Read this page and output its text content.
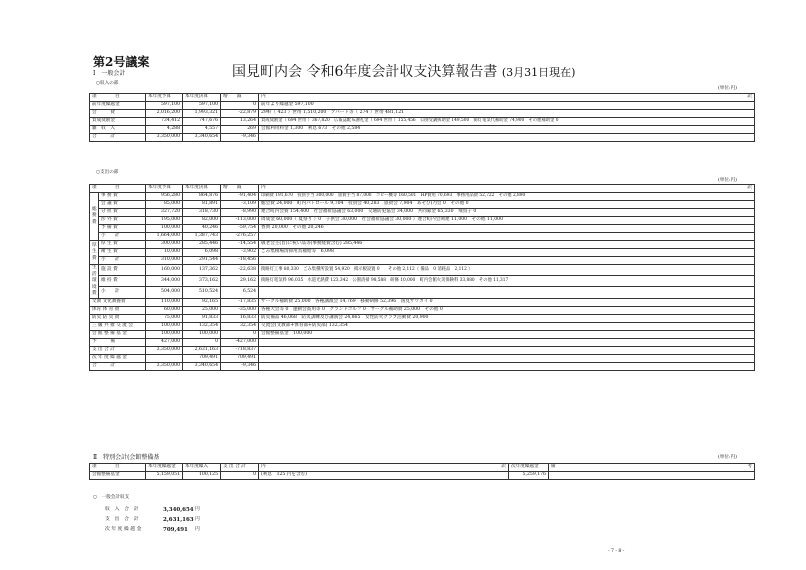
第2号議案
Ⅰ　一般会計	国見町内会 令和6年度会計収支決算報告書 (3月31日現在)
○収入の部
(単位:円)
項　　　　 目	本年度予算	本年度決算	増　　減	内 訳

前年度繰越金	597,100	597,100	0	前年より繰越金 597,100
会　　　費	2,016,200	1,993,321	-22,879	29軒（ 423 ）世帯 1,510,200　アパート等（ 274 ）世帯 481,121
賛成奨励金	734,412	747,676	13,264	賛成奨励金（ 694 世帯 ）367,820　広報誌配布謝礼金（ 694 世帯 ）155,456　公園受講援助金 149,500　街灯電気代補助金 74,900　その他補助金 0
雑　収　入	4,288	4,557	269	会館利用料金 1,300　利息 673　その他 2,584
合　　　計	3,350,000	3,340,654	-9,346	
○支出の部
(単位:円)
項　　　　 目		本年度予算	本年度決算	増　　減	内 訳

総務費	事 務 費	956,280	864,876	-91,404	印刷費 191,670　役員手当 300,000　旅費手当 87,000　コピー機等 160,501　HP費用 70,693　事務用品費 52,722　その他 2,890
	会 議 費	85,000	81,891	-3,109	総会費 24,000　町内パトロール 9,704　役員会 40,283　旅費会 7,904　あそび(?)会 0　その他 0
	分 担 費	327,720	318,730	-8,990	連合町内会費 154,400　社会福祉協議会 63,000　交通防犯協会 34,000　共同募金 65,330　飛鳥子 0
	渉 外 費	195,000	82,000	-113,000	周成金 60,000（ 夏祭り ）0　子供会 30,000　社会福祉協議会 30,000 ）連合町内会関連 11,000　その他 11,000
	予 備 費	100,000	40,246	-59,754	香典 20,000　その他 20,246
	小　　計	1,664,000	1,387,743	-276,257	
厚生費	厚 生 費	300,000	285,446	-14,554	敬老会主(旨)に祝い品等(事務経費含む) 285,446
	衛 生 費	10,000	6,098	-3,902	ごみ集積場清掃用具補給等　6,098
	小　　計	310,000	291,544	-18,456	
生活環境費	施 設 費	160,000	137,362	-22,638	街路灯工事 80,330　ごみ集積所設置 54,920　掲示板設置 0　　その他 2,112（ 備品　0 消耗品　2,112 ）
	維 持 費	344,000	373,162	29,162	街路灯電気料 96,035　水道光熱費 123,342　公園清掃 98,588　研修 10,000　町内会館火災保険料 33,880　その他 11,317
	小　　計	504,000	510,524	6,524	
文教 文化教養費		110,000	92,165	-17,835	サークル補助費 25,000　各種講演会 14,769　移動研修 52,396　国見サワカイ 0
体育 体 育 費		60,000	25,000	-35,000	各種大会等 0　運動会賞用等 0　グランドゴルフ 0　サークル補助費 25,000　その他 0
防災 防 災 費		75,000	91,833	16,833	防災備品 46,068　防災訓練及び講演会 24,865　女性防火クラブ活動費 20,900
三 級 共 催 交 流 会		100,000	132,354	32,354	交流会(文教部+体育部+防災部) 132,354
会 館 整 備 基 金		100,000	100,000	0	会館整備基金　100,000
予　　　備		427,000	0	-427,000	
支 出 合 計		3,350,000	2,631,163	-718,837	
次 年 度 繰 越 金			709,491	709,491	
合　　　計		3,350,000	3,340,654	-9,346	
Ⅱ　特別会計(会館整備基	(単位:円)
項　　　　 目	本年度繰越金	本年度繰入	支 出 合 計	内 訳	次年度繰越金	備 考

会館整備基金	5,159,051	100,125	0	(利息　125 円を含む)	5,259,176	
○　一般会計収支
収　入　合　計	3,340,654 円
支　出　合　計	2,631,163 円
次 年 度 繰 越 金	709,491	円
- 7 - 8 -
